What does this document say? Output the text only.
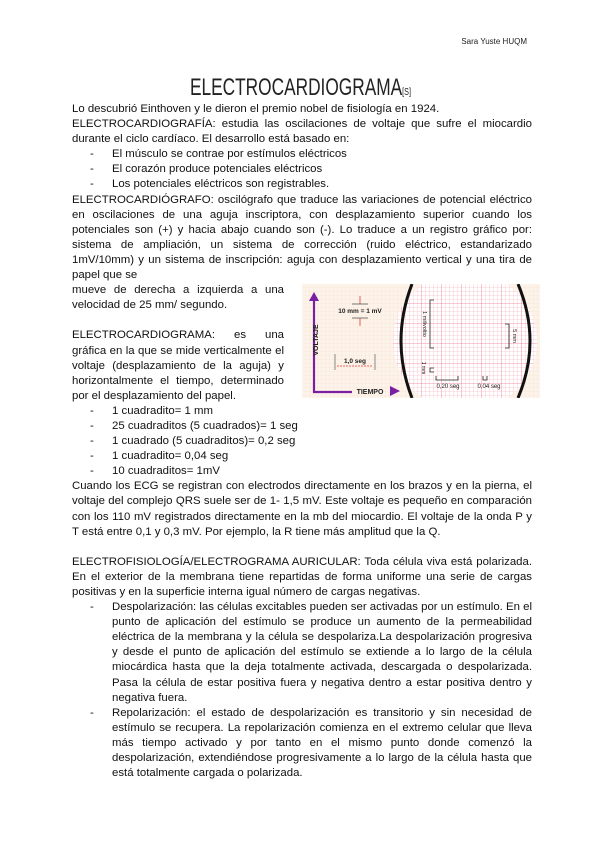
Sara Yuste HUQM
ELECTROCARDIOGRAMA[S]

Lo descubrió Einthoven y le dieron el premio nobel de fisiología en 1924.

ELECTROCARDIOGRAFÍA: estudia las oscilaciones de voltaje que sufre el miocardio durante el ciclo cardíaco. El desarrollo está basado en:

- El músculo se contrae por estímulos eléctricos
- El corazón produce potenciales eléctricos
- Los potenciales eléctricos son registrables.

ELECTROCARDIÓGRAFO: oscilógrafo que traduce las variaciones de potencial eléctrico en oscilaciones de una aguja inscriptora, con desplazamiento superior cuando los potenciales son (+) y hacia abajo cuando son (-). Lo traduce a un registro gráfico por: sistema de ampliación, un sistema de corrección (ruido eléctrico, estandarizado 1mV/10mm) y un sistema de inscripción: aguja con desplazamiento vertical y una tira de papel que se

mueve de derecha a izquierda a una

velocidad de 25 mm/ segundo.

ELECTROCARDIOGRAMA: es una gráfica en la que se mide verticalmente el voltaje (desplazamiento de la aguja) y horizontalmente el tiempo, determinado por el desplazamiento del papel.

- 1 cuadradito= 1 mm
- 25 cuadraditos (5 cuadrados)= 1 seg
- 1 cuadrado (5 cuadraditos)= 0,2 seg
- 1 cuadradito= 0,04 seg
- 10 cuadraditos= 1mV

Cuando los ECG se registran con electrodos directamente en los brazos y en la pierna, el voltaje del complejo QRS suele ser de 1- 1,5 mV. Este voltaje es pequeño en comparación con los 110 mV registrados directamente en la mb del miocardio. El voltaje de la onda P y T está entre 0,1 y 0,3 mV. Por ejemplo, la R tiene más amplitud que la Q.

ELECTROFISIOLOGÍA/ELECTROGRAMA AURICULAR: Toda célula viva está polarizada. En el exterior de la membrana tiene repartidas de forma uniforme una serie de cargas positivas y en la superficie interna igual número de cargas negativas.

- Despolarización: las células excitables pueden ser activadas por un estímulo. En el punto de aplicación del estímulo se produce un aumento de la permeabilidad eléctrica de la membrana y la célula se despolariza.La despolarización progresiva y desde el punto de aplicación del estímulo se extiende a lo largo de la célula miocárdica hasta que la deja totalmente activada, descargada o despolarizada. Pasa la célula de estar positiva fuera y negativa dentro a estar positiva dentro y negativa fuera.
- Repolarización: el estado de despolarización es transitorio y sin necesidad de estímulo se recupera. La repolarización comienza en el extremo celular que lleva más tiempo activado y por tanto en el mismo punto donde comenzó la despolarización, extendiéndose progresivamente a lo largo de la célula hasta que está totalmente cargada o polarizada.
VOLTAJE
TIEMPO
10 mm = 1 mV
1,0 seg
1 milivoltio	5 mm
1 mm
0,20 seg	0,04 seg
